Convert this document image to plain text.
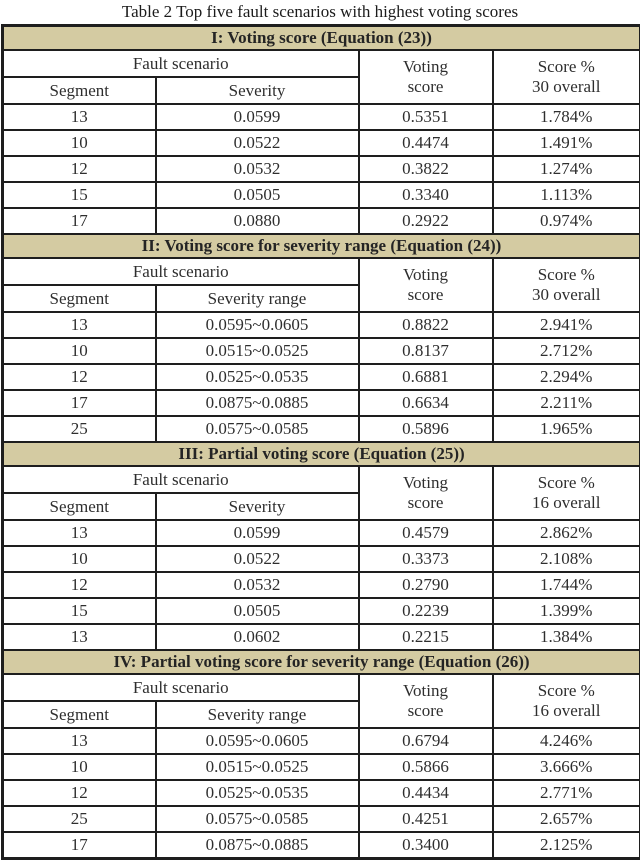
Table 2 Top five fault scenarios with highest voting scores
I: Voting score (Equation (23))			
Fault scenario		Voting
score	Score %
30 overall
Segment	Severity		
13	0.0599	0.5351	1.784%
10	0.0522	0.4474	1.491%
12	0.0532	0.3822	1.274%
15	0.0505	0.3340	1.113%
17	0.0880	0.2922	0.974%
II: Voting score for severity range (Equation (24))			
Fault scenario		Voting
score	Score %
30 overall
Segment	Severity range		
13	0.0595~0.0605	0.8822	2.941%
10	0.0515~0.0525	0.8137	2.712%
12	0.0525~0.0535	0.6881	2.294%
17	0.0875~0.0885	0.6634	2.211%
25	0.0575~0.0585	0.5896	1.965%
III: Partial voting score (Equation (25))			
Fault scenario		Voting
score	Score %
16 overall
Segment	Severity		
13	0.0599	0.4579	2.862%
10	0.0522	0.3373	2.108%
12	0.0532	0.2790	1.744%
15	0.0505	0.2239	1.399%
13	0.0602	0.2215	1.384%
IV: Partial voting score for severity range (Equation (26))			
Fault scenario		Voting
score	Score %
16 overall
Segment	Severity range		
13	0.0595~0.0605	0.6794	4.246%
10	0.0515~0.0525	0.5866	3.666%
12	0.0525~0.0535	0.4434	2.771%
25	0.0575~0.0585	0.4251	2.657%
17	0.0875~0.0885	0.3400	2.125%
